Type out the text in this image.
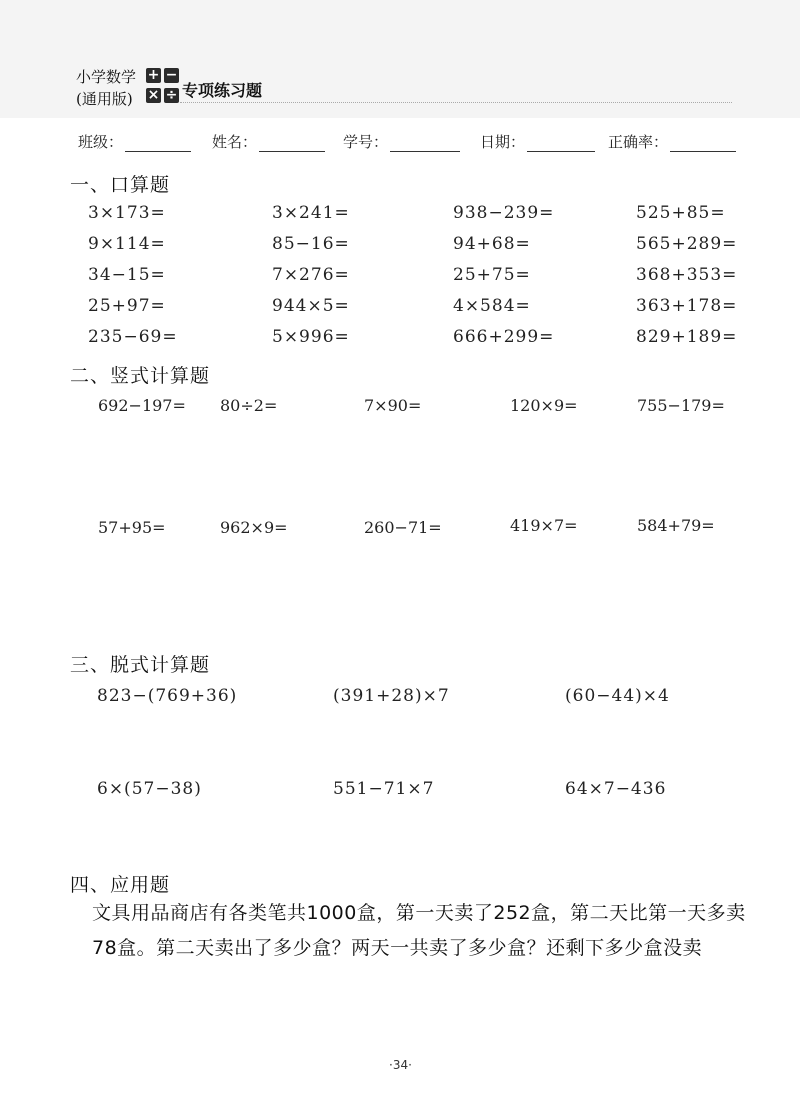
小学数学
(通用版)
+ −
× ÷ 专项练习题
班级：	姓名：	学号：	日期：	正确率：
一、口算题
3×173=	3×241=	938−239=	525+85=
9×114=	85−16=	94+68=	565+289=
34−15=	7×276=	25+75=	368+353=
25+97=	944×5=	4×584=	363+178=
235−69=	5×996=	666+299=	829+189=
二、竖式计算题
692−197= 80÷2=	7×90=	120×9=	755−179=
57+95=	962×9=	260−71=	419×7=	584+79=
三、脱式计算题
823−(769+36)	(391+28)×7	(60−44)×4
6×(57−38)	551−71×7	64×7−436
四、应用题
文具用品商店有各类笔共1000盒，第一天卖了252盒，第二天比第一天多卖78盒。第二天卖出了多少盒？两天一共卖了多少盒？还剩下多少盒没卖
·34·
